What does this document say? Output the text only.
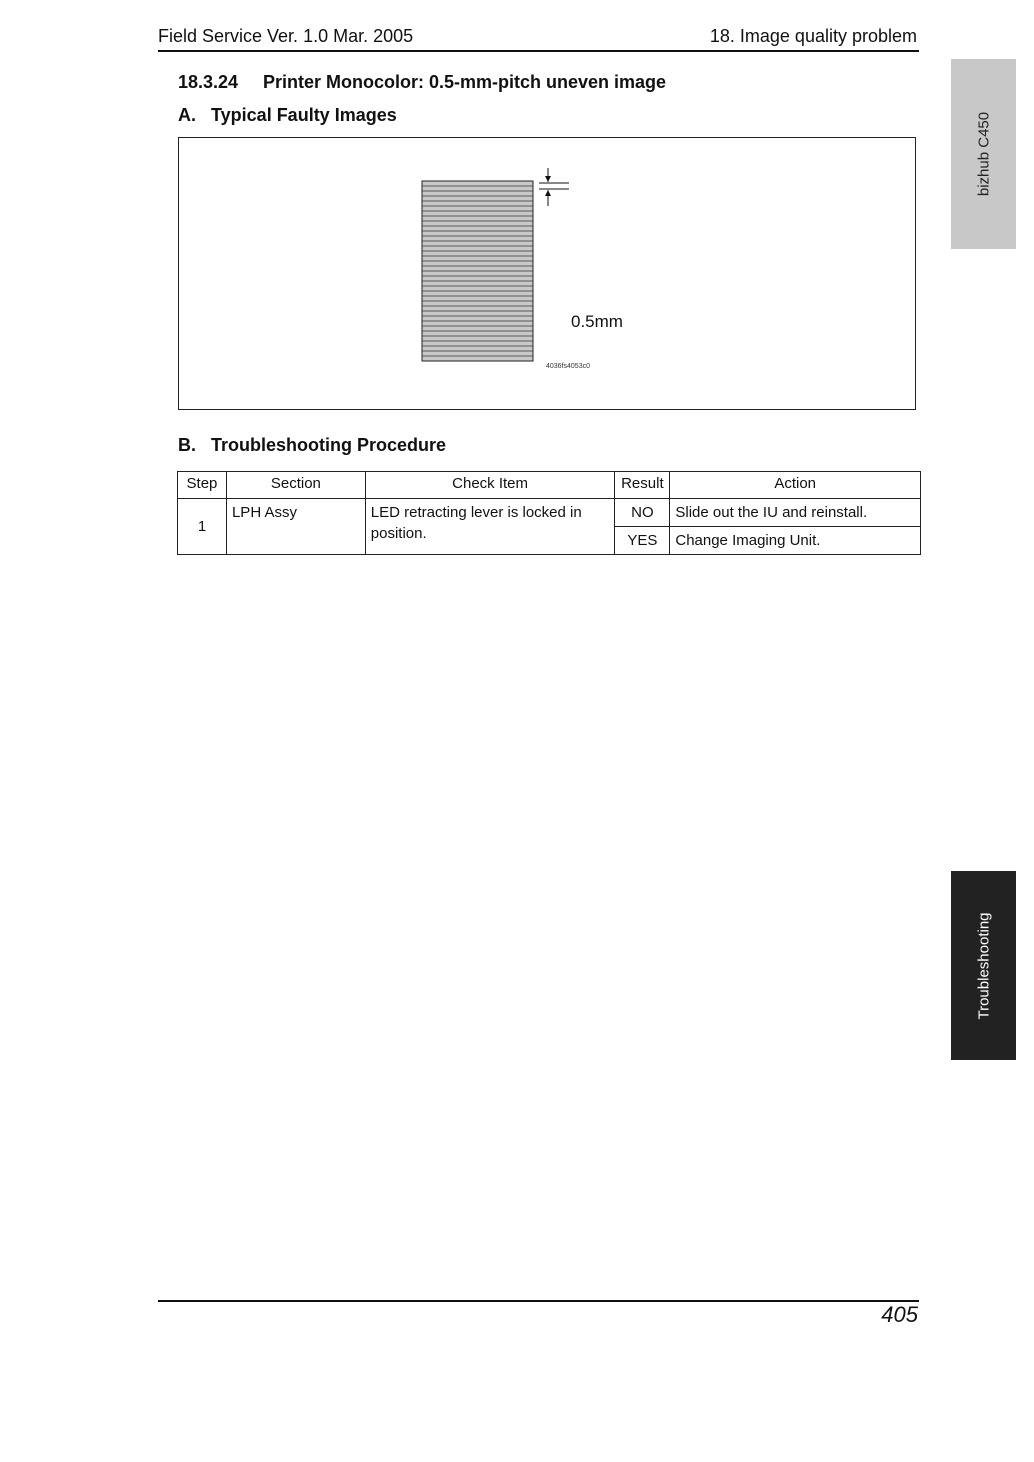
Field Service Ver. 1.0 Mar. 2005	18. Image quality problem
18.3.24 Printer Monocolor: 0.5-mm-pitch uneven image
A. Typical Faulty Images
0.5mm
4036fs4053c0
B. Troubleshooting Procedure
Step	Section	Check Item	Result	Action
1	LPH Assy	LED retracting lever is locked in position.	NO	Slide out the IU and reinstall.
			YES	Change Imaging Unit.
bizhub C450
Troubleshooting
405
